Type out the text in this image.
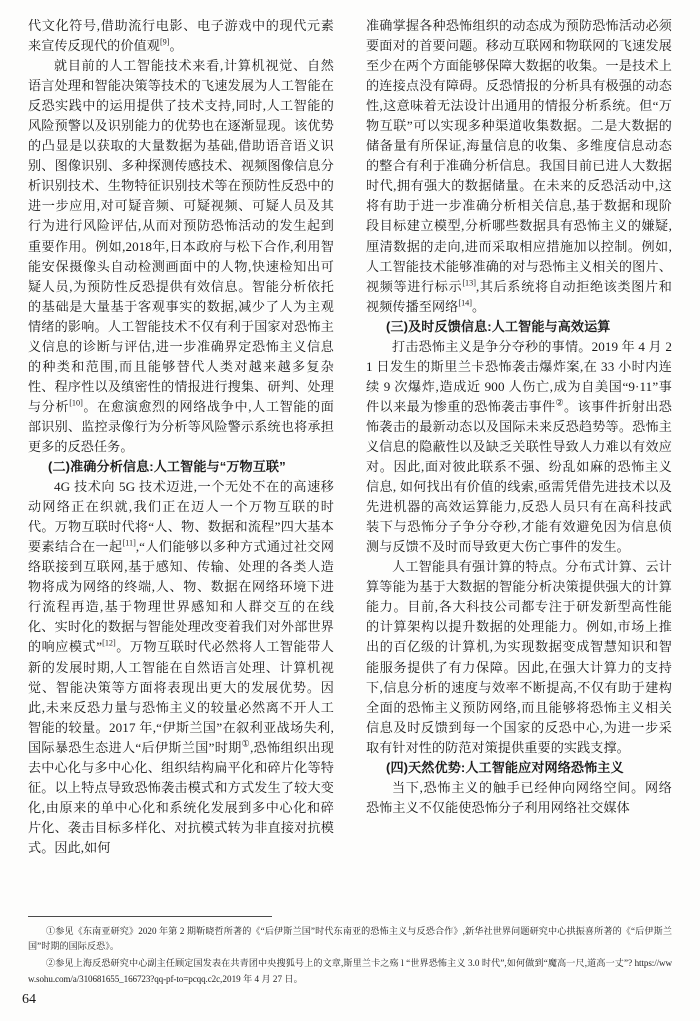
代文化符号,借助流行电影、电子游戏中的现代元素来宣传反现代的价值观[9]。

就目前的人工智能技术来看,计算机视觉、自然语言处理和智能决策等技术的飞速发展为人工智能在反恐实践中的运用提供了技术支持,同时,人工智能的风险预警以及识别能力的优势也在逐渐显现。该优势的凸显是以获取的大量数据为基础,借助语音语义识别、图像识别、多种探测传感技术、视频图像信息分析识别技术、生物特征识别技术等在预防性反恐中的进一步应用,对可疑音频、可疑视频、可疑人员及其行为进行风险评估,从而对预防恐怖活动的发生起到重要作用。例如,2018年,日本政府与松下合作,利用智能安保摄像头自动检测画面中的人物,快速检知出可疑人员,为预防性反恐提供有效信息。智能分析依托的基础是大量基于客观事实的数据,减少了人为主观情绪的影响。人工智能技术不仅有利于国家对恐怖主义信息的诊断与评估,进一步准确界定恐怖主义信息的种类和范围,而且能够替代人类对越来越多复杂性、程序性以及缜密性的情报进行搜集、研判、处理与分析[10]。在愈演愈烈的网络战争中,人工智能的面部识别、监控录像行为分析等风险警示系统也将承担更多的反恐任务。

(二)准确分析信息:人工智能与“万物互联”

4G 技术向 5G 技术迈进,一个无处不在的高速移动网络正在织就,我们正在迈人一个万物互联的时代。万物互联时代将“人、物、数据和流程”四大基本要素结合在一起[11],“人们能够以多种方式通过社交网络联接到互联网,基于感知、传输、处理的各类人造物将成为网络的终端,人、物、数据在网络环境下进行流程再造,基于物理世界感知和人群交互的在线化、实时化的数据与智能处理改变着我们对外部世界的响应模式”[12]。万物互联时代必然将人工智能带人新的发展时期,人工智能在自然语言处理、计算机视觉、智能决策等方面将表现出更大的发展优势。因此,未来反恐力量与恐怖主义的较量必然离不开人工智能的较量。2017 年,“伊斯兰国”在叙利亚战场失利,国际暴恐生态进人“后伊斯兰国”时期①,恐怖组织出现去中心化与多中心化、组织结构扁平化和碎片化等特征。以上特点导致恐怖袭击模式和方式发生了较大变化,由原来的单中心化和系统化发展到多中心化和碎片化、袭击目标多样化、对抗模式转为非直接对抗模式。因此,如何

准确掌握各种恐怖组织的动态成为预防恐怖活动必须要面对的首要问题。移动互联网和物联网的飞速发展至少在两个方面能够保障大数据的收集。一是技术上的连接点没有障碍。反恐情报的分析具有极强的动态性,这意味着无法设计出通用的情报分析系统。但“万物互联”可以实现多种渠道收集数据。二是大数据的储备量有所保证,海量信息的收集、多维度信息动态的整合有利于准确分析信息。我国目前已进人大数据时代,拥有强大的数据储量。在未来的反恐活动中,这将有助于进一步准确分析相关信息,基于数据和现阶段目标建立模型,分析哪些数据具有恐怖主义的嫌疑,厘清数据的走向,进而采取相应措施加以控制。例如,人工智能技术能够准确的对与恐怖主义相关的图片、视频等进行标示[13],其后系统将自动拒绝该类图片和视频传播至网络[14]。

(三)及时反馈信息:人工智能与高效运算

打击恐怖主义是争分夺秒的事情。2019 年 4 月 21 日发生的斯里兰卡恐怖袭击爆炸案,在 33 小时内连续 9 次爆炸,造成近 900 人伤亡,成为自美国“9·11”事件以来最为惨重的恐怖袭击事件②。该事件折射出恐怖袭击的最新动态以及国际未来反恐趋势等。恐怖主义信息的隐蔽性以及缺乏关联性导致人力难以有效应对。因此,面对彼此联系不强、纷乱如麻的恐怖主义信息, 如何找出有价值的线索,亟需凭借先进技术以及先进机器的高效运算能力,反恐人员只有在高科技武装下与恐怖分子争分夺秒,才能有效避免因为信息侦测与反馈不及时而导致更大伤亡事件的发生。

人工智能具有强计算的特点。分布式计算、云计算等能为基于大数据的智能分析决策提供强大的计算能力。目前,各大科技公司都专注于研发新型高性能的计算架构以提升数据的处理能力。例如,市场上推出的百亿级的计算机,为实现数据变成智慧知识和智能服务提供了有力保障。因此,在强大计算力的支持下,信息分析的速度与效率不断提高,不仅有助于建构全面的恐怖主义预防网络,而且能够将恐怖主义相关信息及时反馈到每一个国家的反恐中心,为进一步采取有针对性的防范对策提供重要的实践支撑。

(四)天然优势:人工智能应对网络恐怖主义

当下,恐怖主义的触手已经伸向网络空间。网络恐怖主义不仅能使恐怖分子利用网络社交媒体

①参见《东南亚研究》2020 年第 2 期靳晓哲所著的《“后伊斯兰国”时代东南亚的恐怖主义与反恐合作》,新华社世界问题研究中心拱振喜所著的《“后伊斯兰国”时期的国际反恐》。

②参见上海反恐研究中心副主任顾定国发表在共青团中央搜狐号上的文章,斯里兰卡之殇 l “世界恐怖主义 3.0 时代”,如何做到“魔高一尺,道高一丈”? https://www.sohu.com/a/310681655_166723?qq-pf-to=pcqq.c2c,2019 年 4 月 27 日。

64
